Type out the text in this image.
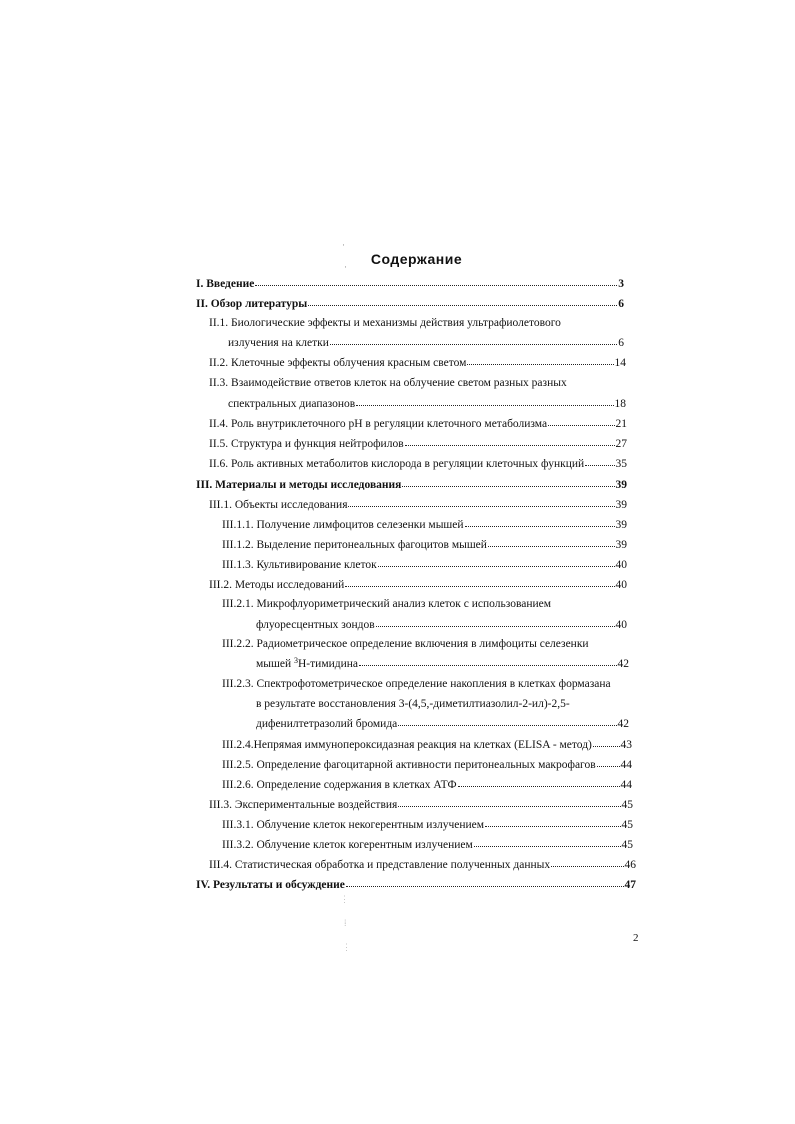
Содержание
I. Введение	3
II. Обзор литературы	6
II.1. Биологические эффекты и механизмы действия ультрафиолетового
излучения на клетки	6
II.2. Клеточные эффекты облучения красным светом	14
II.3. Взаимодействие ответов клеток на облучение светом разных разных
спектральных диапазонов	18
II.4. Роль внутриклеточного pH в регуляции клеточного метаболизма	21
II.5. Структура и функция нейтрофилов	27
II.6. Роль активных метаболитов кислорода в регуляции клеточных функций	35
III. Материалы и методы исследования	39
III.1. Объекты исследования	39
III.1.1. Получение лимфоцитов селезенки мышей	39
III.1.2. Выделение перитонеальных фагоцитов мышей	39
III.1.3. Культивирование клеток	40
III.2. Методы исследований	40
III.2.1. Микрофлуориметрический анализ клеток с использованием
флуоресцентных зондов	40
III.2.2. Радиометрическое определение включения в лимфоциты селезенки
мышей $^3$H-тимидина	42
III.2.3. Спектрофотометрическое определение накопления в клетках формазана
в результате восстановления 3-(4,5,-диметилтиазолил-2-ил)-2,5-
дифенилтетразолий бромида	42
III.2.4.Непрямая иммунопероксидазная реакция на клетках (ELISA - метод) 43
III.2.5. Определение фагоцитарной активности перитонеальных макрофагов 44
III.2.6. Определение содержания в клетках АТФ	44
III.3. Экспериментальные воздействия	45
III.3.1. Облучение клеток некогерентным излучением	45
III.3.2. Облучение клеток когерентным излучением	45
III.4. Статистическая обработка и представление полученных данных	46
IV. Результаты и обсуждение	47
2
·
·
⋮
⁞
⋮
